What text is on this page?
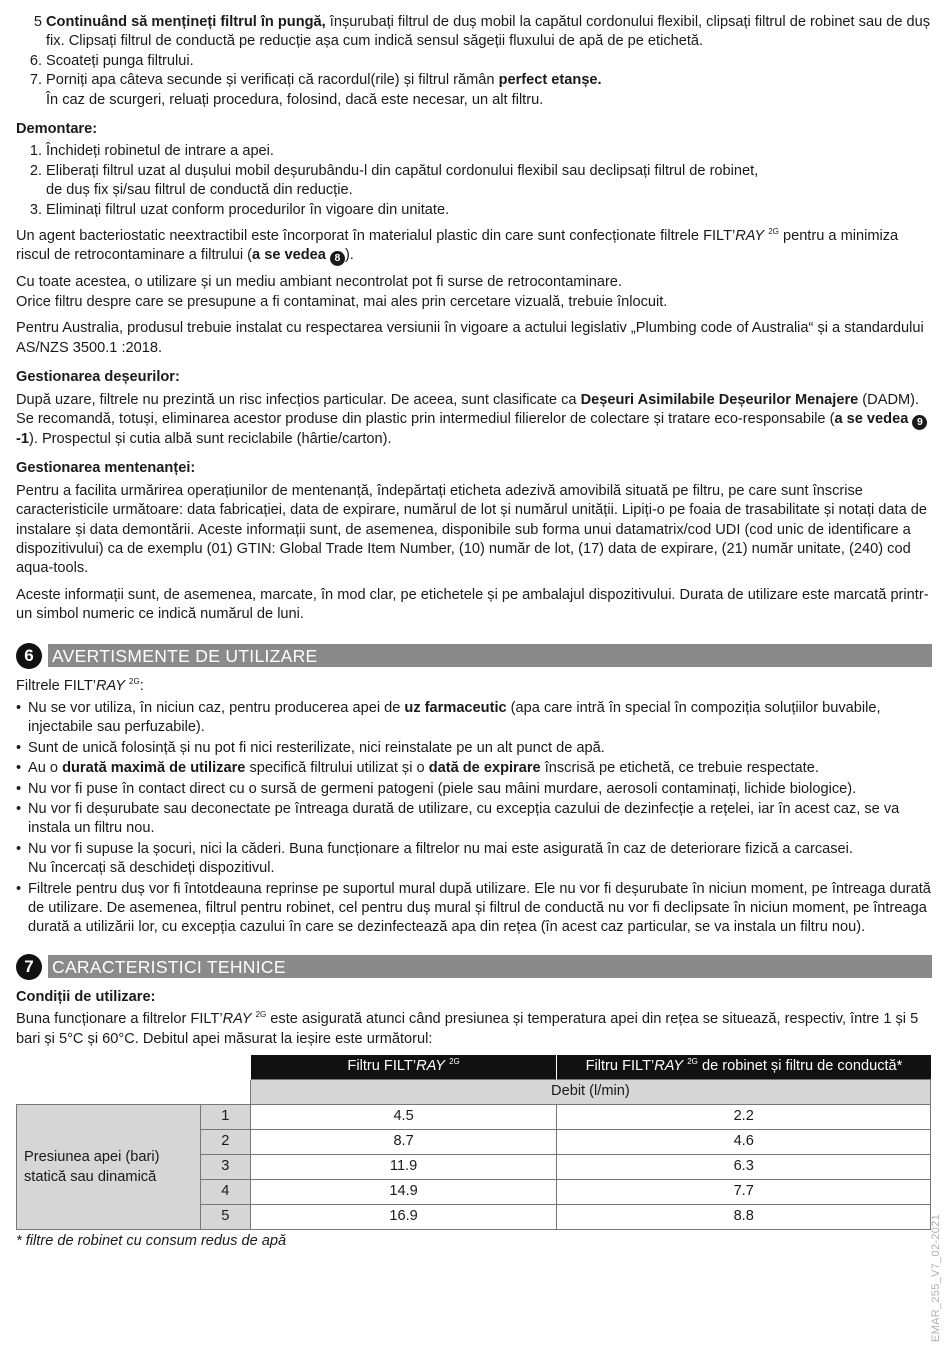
5 Continuând să mențineți filtrul în pungă, înșurubați filtrul de duș mobil la capătul cordonului flexibil, clipsați filtrul de robinet sau de duș fix. Clipsați filtrul de conductă pe reducție așa cum indică sensul săgeții fluxului de apă de pe etichetă.
6. Scoateți punga filtrului.
7. Porniți apa câteva secunde și verificați că racordul(rile) și filtrul rămân perfect etanșe.
În caz de scurgeri, reluați procedura, folosind, dacă este necesar, un alt filtru.
Demontare:
1. Închideți robinetul de intrare a apei.
2. Eliberați filtrul uzat al dușului mobil deșurubându-l din capătul cordonului flexibil sau declipsați filtrul de robinet,
de duș fix și/sau filtrul de conductă din reducție.
3. Eliminați filtrul uzat conform procedurilor în vigoare din unitate.

Un agent bacteriostatic neextractibil este încorporat în materialul plastic din care sunt confecționate filtrele FILT’RAY $^{2G}$ pentru a minimiza riscul de retrocontaminare a filtrului (a se vedea 8 ).

Cu toate acestea, o utilizare și un mediu ambiant necontrolat pot fi surse de retrocontaminare.
Orice filtru despre care se presupune a fi contaminat, mai ales prin cercetare vizuală, trebuie înlocuit.

Pentru Australia, produsul trebuie instalat cu respectarea versiunii în vigoare a actului legislativ „Plumbing code of Australia“ și a standardului AS/NZS 3500.1 :2018.

Gestionarea deșeurilor:

După uzare, filtrele nu prezintă un risc infecțios particular. De aceea, sunt clasificate ca Deșeuri Asimilabile Deșeurilor Menajere (DADM). Se recomandă, totuși, eliminarea acestor produse din plastic prin intermediul filierelor de colectare și tratare eco-responsabile (a se vedea 9-1). Prospectul și cutia albă sunt reciclabile (hârtie/carton).

Gestionarea mentenanței:

Pentru a facilita urmărirea operațiunilor de mentenanță, îndepărtați eticheta adezivă amovibilă situată pe filtru, pe care sunt înscrise caracteristicile următoare: data fabricației, data de expirare, numărul de lot și numărul unității. Lipiți-o pe foaia de trasabilitate și notați data de instalare și data demontării. Aceste informații sunt, de asemenea, disponibile sub forma unui datamatrix/cod UDI (cod unic de identificare a dispozitivului) ca de exemplu (01) GTIN: Global Trade Item Number, (10) număr de lot, (17) data de expirare, (21) număr unitate, (240) cod aqua-tools.

Aceste informații sunt, de asemenea, marcate, în mod clar, pe etichetele și pe ambalajul dispozitivului. Durata de utilizare este marcată printr-un simbol numeric ce indică numărul de luni.

6	AVERTISMENTE DE UTILIZARE

Filtrele FILT’RAY $^{2G}$:

• Nu se vor utiliza, în niciun caz, pentru producerea apei de uz farmaceutic (apa care intră în special în compoziția soluțiilor buvabile, injectabile sau perfuzabile).
• Sunt de unică folosință și nu pot fi nici resterilizate, nici reinstalate pe un alt punct de apă.
• Au o durată maximă de utilizare specifică filtrului utilizat și o dată de expirare înscrisă pe etichetă, ce trebuie respectate.
• Nu vor fi puse în contact direct cu o sursă de germeni patogeni (piele sau mâini murdare, aerosoli contaminați, lichide biologice).
• Nu vor fi deșurubate sau deconectate pe întreaga durată de utilizare, cu excepția cazului de dezinfecție a rețelei, iar în acest caz, se va instala un filtru nou.
• Nu vor fi supuse la șocuri, nici la căderi. Buna funcționare a filtrelor nu mai este asigurată în caz de deteriorare fizică a carcasei.
Nu încercați să deschideți dispozitivul.
• Filtrele pentru duș vor fi întotdeauna reprinse pe suportul mural după utilizare. Ele nu vor fi deșurubate în niciun moment, pe întreaga durată de utilizare. De asemenea, filtrul pentru robinet, cel pentru duș mural și filtrul de conductă nu vor fi declipsate în niciun moment, pe întreaga durată a utilizării lor, cu excepția cazului în care se dezinfectează apa din rețea (în acest caz particular, se va instala un filtru nou).
7	CARACTERISTICI TEHNICE
Condiții de utilizare:

Buna funcționare a filtrelor FILT’RAY $^{2G}$ este asigurată atunci când presiunea și temperatura apei din rețea se situează, respectiv, între 1 și 5 bari și 5°C și 60°C. Debitul apei măsurat la ieșire este următorul:

		Filtru FILT’RAY $^{2G}$	Filtru FILT’RAY $^{2G}$ de robinet și filtru de conductă*
		Debit (l/min)	
Presiunea apei (bari)
statică sau dinamică	1	4.5	2.2
	2	8.7	4.6
	3	11.9	6.3
	4	14.9	7.7
	5	16.9	8.8
* filtre de robinet cu consum redus de apă	EMAR_255_V7_02-2021
